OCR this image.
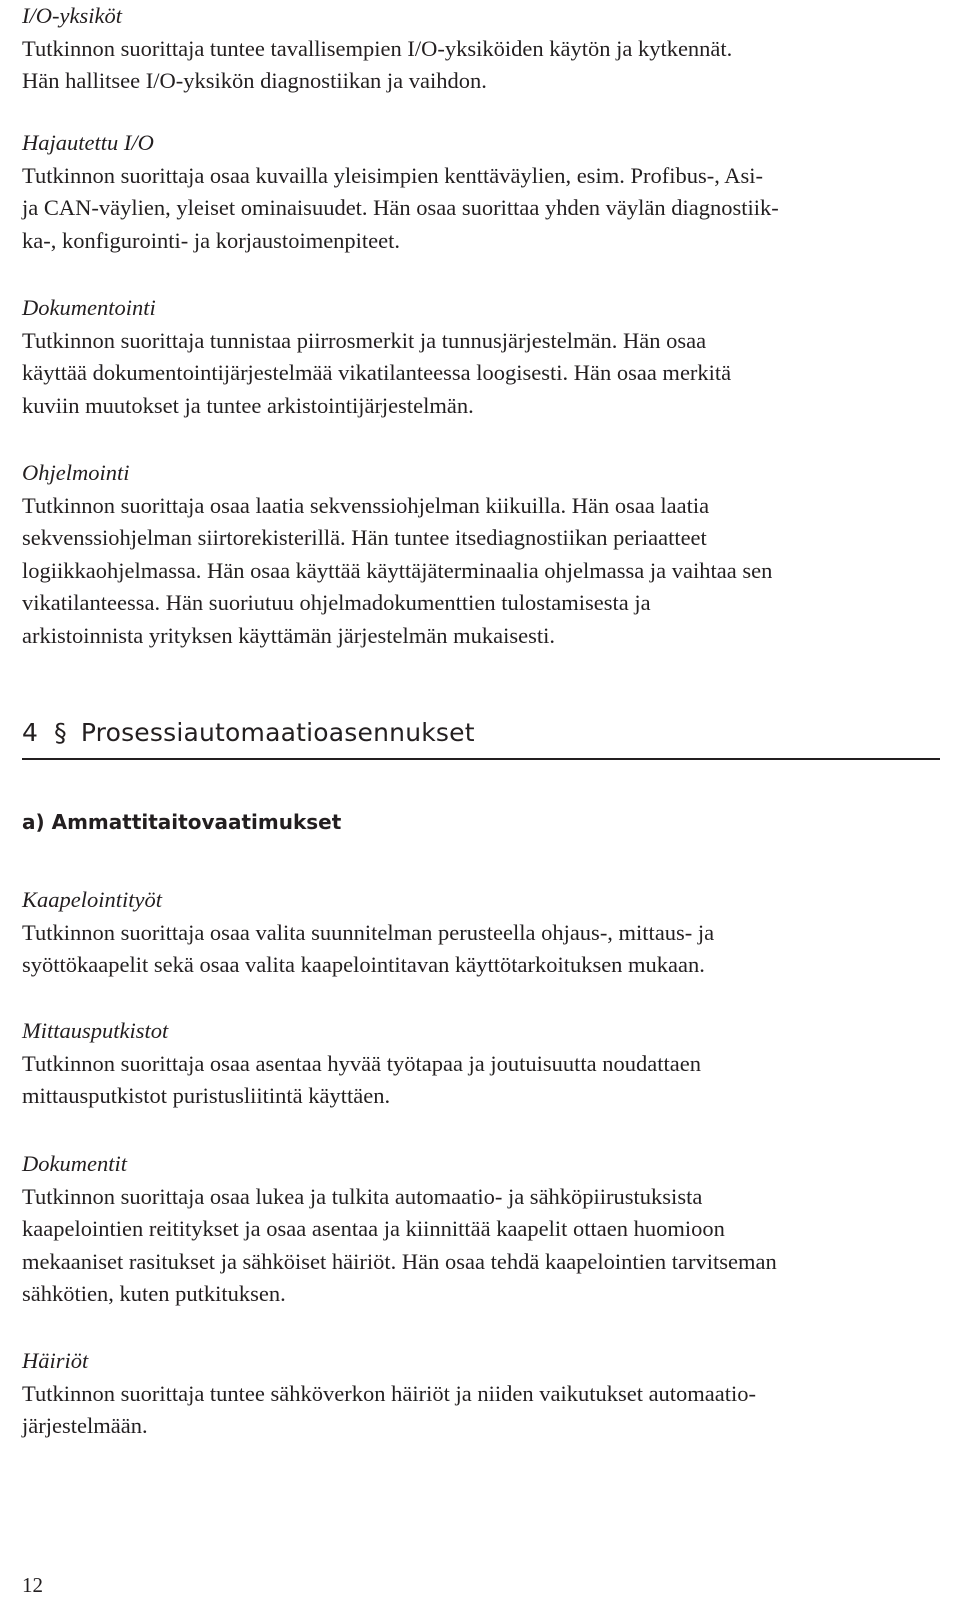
I/O-yksiköt

Tutkinnon suorittaja tuntee tavallisempien I/O-yksiköiden käytön ja kytkennät.
Hän hallitsee I/O-yksikön diagnostiikan ja vaihdon.

Hajautettu I/O

Tutkinnon suorittaja osaa kuvailla yleisimpien kenttäväylien, esim. Profibus-, Asi-
ja CAN-väylien, yleiset ominaisuudet. Hän osaa suorittaa yhden väylän diagnostiik-
ka-, konfigurointi- ja korjaustoimenpiteet.

Dokumentointi

Tutkinnon suorittaja tunnistaa piirrosmerkit ja tunnusjärjestelmän. Hän osaa
käyttää dokumentointijärjestelmää vikatilanteessa loogisesti. Hän osaa merkitä
kuviin muutokset ja tuntee arkistointijärjestelmän.

Ohjelmointi

Tutkinnon suorittaja osaa laatia sekvenssiohjelman kiikuilla. Hän osaa laatia
sekvenssiohjelman siirtorekisterillä. Hän tuntee itsediagnostiikan periaatteet
logiikkaohjelmassa. Hän osaa käyttää käyttäjäterminaalia ohjelmassa ja vaihtaa sen
vikatilanteessa. Hän suoriutuu ohjelmadokumenttien tulostamisesta ja
arkistoinnista yrityksen käyttämän järjestelmän mukaisesti.

4 § Prosessiautomaatioasennukset
a) Ammattitaitovaatimukset

Kaapelointityöt

Tutkinnon suorittaja osaa valita suunnitelman perusteella ohjaus-, mittaus- ja
syöttökaapelit sekä osaa valita kaapelointitavan käyttötarkoituksen mukaan.

Mittausputkistot

Tutkinnon suorittaja osaa asentaa hyvää työtapaa ja joutuisuutta noudattaen
mittausputkistot puristusliitintä käyttäen.

Dokumentit

Tutkinnon suorittaja osaa lukea ja tulkita automaatio- ja sähköpiirustuksista
kaapelointien reititykset ja osaa asentaa ja kiinnittää kaapelit ottaen huomioon
mekaaniset rasitukset ja sähköiset häiriöt. Hän osaa tehdä kaapelointien tarvitseman
sähkötien, kuten putkituksen.

Häiriöt

Tutkinnon suorittaja tuntee sähköverkon häiriöt ja niiden vaikutukset automaatio-
järjestelmään.

12
